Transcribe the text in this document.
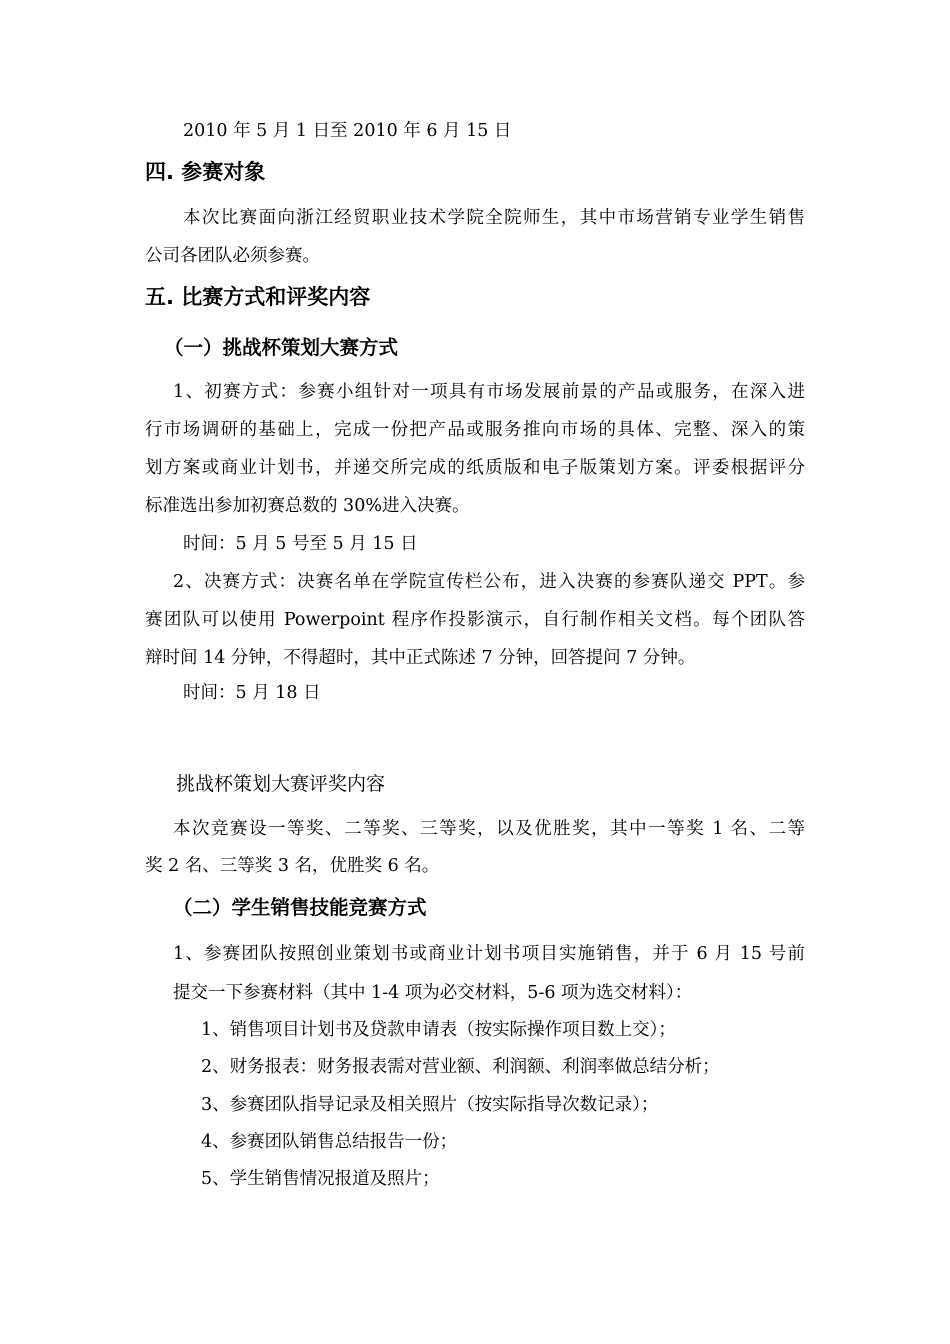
2010 年 5 月 1 日至 2010 年 6 月 15 日
四. 参赛对象
本次比赛面向浙江经贸职业技术学院全院师生，其中市场营销专业学生销售
公司各团队必须参赛。
五. 比赛方式和评奖内容
（一）挑战杯策划大赛方式
1、初赛方式：参赛小组针对一项具有市场发展前景的产品或服务，在深入进
行市场调研的基础上，完成一份把产品或服务推向市场的具体、完整、深入的策
划方案或商业计划书，并递交所完成的纸质版和电子版策划方案。评委根据评分
标准选出参加初赛总数的 30%进入决赛。
时间：5 月 5 号至 5 月 15 日
2、决赛方式：决赛名单在学院宣传栏公布，进入决赛的参赛队递交 PPT。参
赛团队可以使用 Powerpoint 程序作投影演示，自行制作相关文档。每个团队答
辩时间 14 分钟，不得超时，其中正式陈述 7 分钟，回答提问 7 分钟。
时间：5 月 18 日
挑战杯策划大赛评奖内容
本次竞赛设一等奖、二等奖、三等奖，以及优胜奖，其中一等奖 1 名、二等
奖 2 名、三等奖 3 名，优胜奖 6 名。
（二）学生销售技能竞赛方式
1、参赛团队按照创业策划书或商业计划书项目实施销售，并于 6 月 15 号前
提交一下参赛材料（其中 1-4 项为必交材料，5-6 项为选交材料）：
1、销售项目计划书及贷款申请表（按实际操作项目数上交）；
2、财务报表：财务报表需对营业额、利润额、利润率做总结分析；
3、参赛团队指导记录及相关照片（按实际指导次数记录）；
4、参赛团队销售总结报告一份；
5、学生销售情况报道及照片；
